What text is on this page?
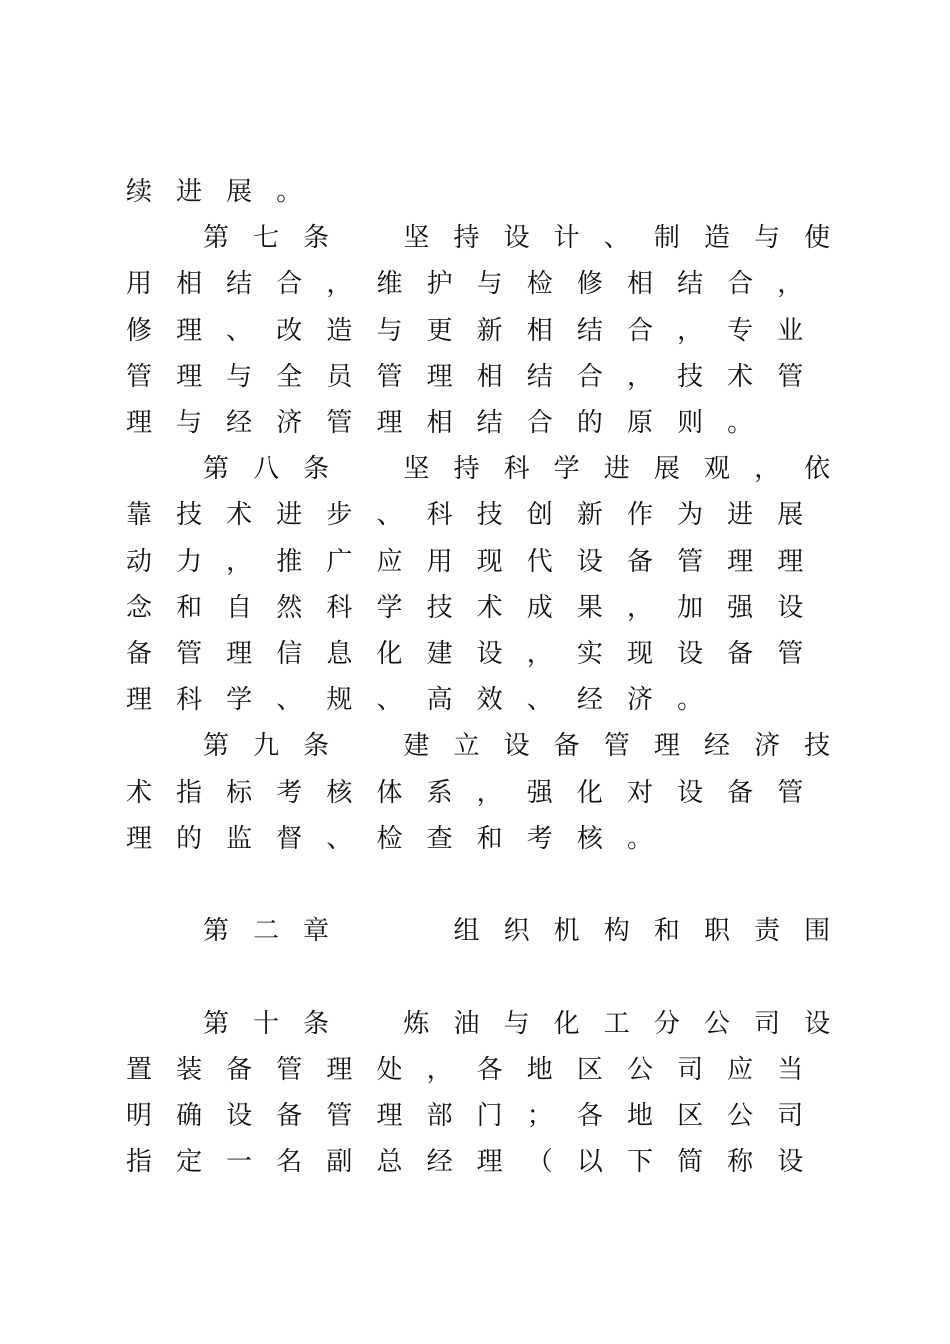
续 进 展 。
第 七 条
　	坚 持 设 计 、 制 造 与 使
用 相 结 合 ， 维 护 与 检 修 相 结 合 ，
修 理 、 改 造 与 更 新 相 结 合 ， 专 业
管 理 与 全 员 管 理 相 结 合 ， 技 术 管
理 与 经 济 管 理 相 结 合 的 原 则 。
第 八 条
　	坚 持 科 学 进 展 观 ， 依
靠 技 术 进 步 、 科 技 创 新 作 为 进 展
动 力 ， 推 广 应 用 现 代 设 备 管 理 理
念 和 自 然 科 学 技 术 成 果 ， 加 强 设
备 管 理 信 息 化 建 设 ， 实 现 设 备 管
理 科 学 、 规 、 高 效 、 经 济 。
第 九 条
　	建 立 设 备 管 理 经 济 技
术 指 标 考 核 体 系 ， 强 化 对 设 备 管
理 的 监 督 、 检 查 和 考 核 。
第 二 章

　	组 织 机 构 和 职 责 围
第 十 条
　	炼 油 与 化 工 分 公 司 设
置 装 备 管 理 处 ， 各 地 区 公 司 应 当
明 确 设 备 管 理 部 门 ； 各 地 区 公 司
指 定 一 名 副 总 经 理 （ 以 下 简 称 设
